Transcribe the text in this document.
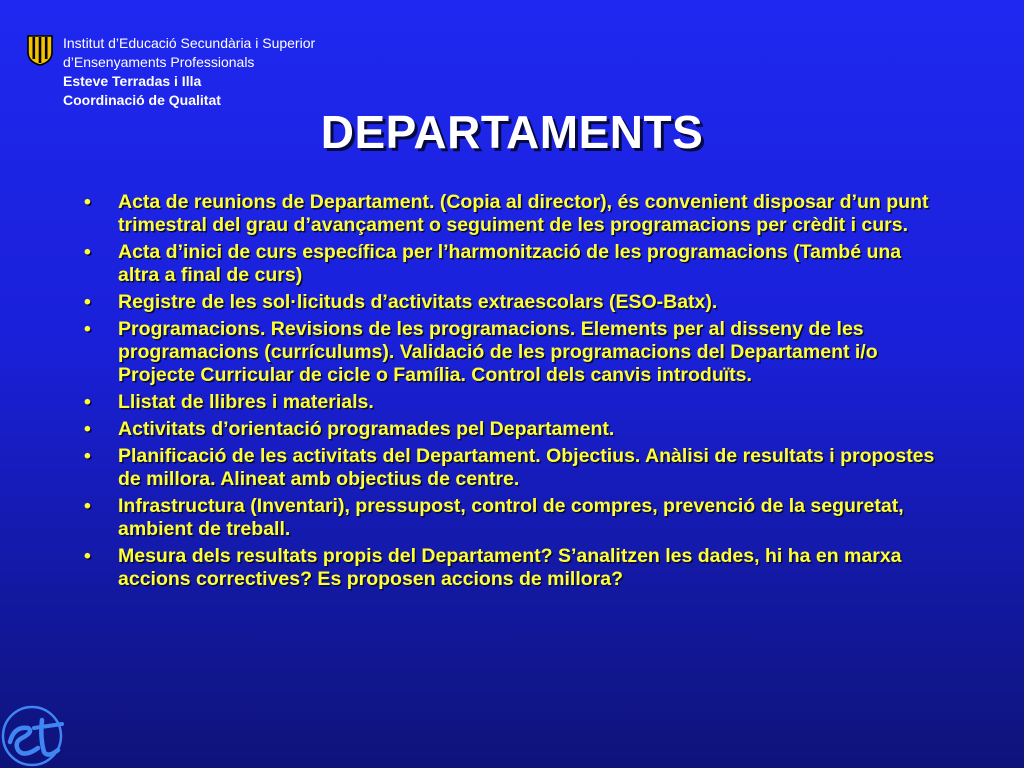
Institut d’Educació Secundària i Superior
d’Ensenyaments Professionals
Esteve Terradas i Illa
Coordinació de Qualitat
DEPARTAMENTS
• Acta de reunions de Departament. (Copia al director), és convenient disposar d’un punt trimestral del grau d’avançament o seguiment de les programacions per crèdit i curs.
• Acta d’inici de curs específica per l’harmonització de les programacions (També una altra a final de curs)
• Registre de les sol·licituds d’activitats extraescolars (ESO-Batx).
• Programacions. Revisions de les programacions. Elements per al disseny de les programacions (currículums). Validació de les programacions del Departament i/o Projecte Curricular de cicle o Família. Control dels canvis introduïts.
• Llistat de llibres i materials.
• Activitats d’orientació programades pel Departament.
• Planificació de les activitats del Departament. Objectius. Anàlisi de resultats i propostes de millora. Alineat amb objectius de centre.
• Infrastructura (Inventari), pressupost, control de compres, prevenció de la seguretat, ambient de treball.
• Mesura dels resultats propis del Departament? S’analitzen les dades, hi ha en marxa accions correctives? Es proposen accions de millora?
